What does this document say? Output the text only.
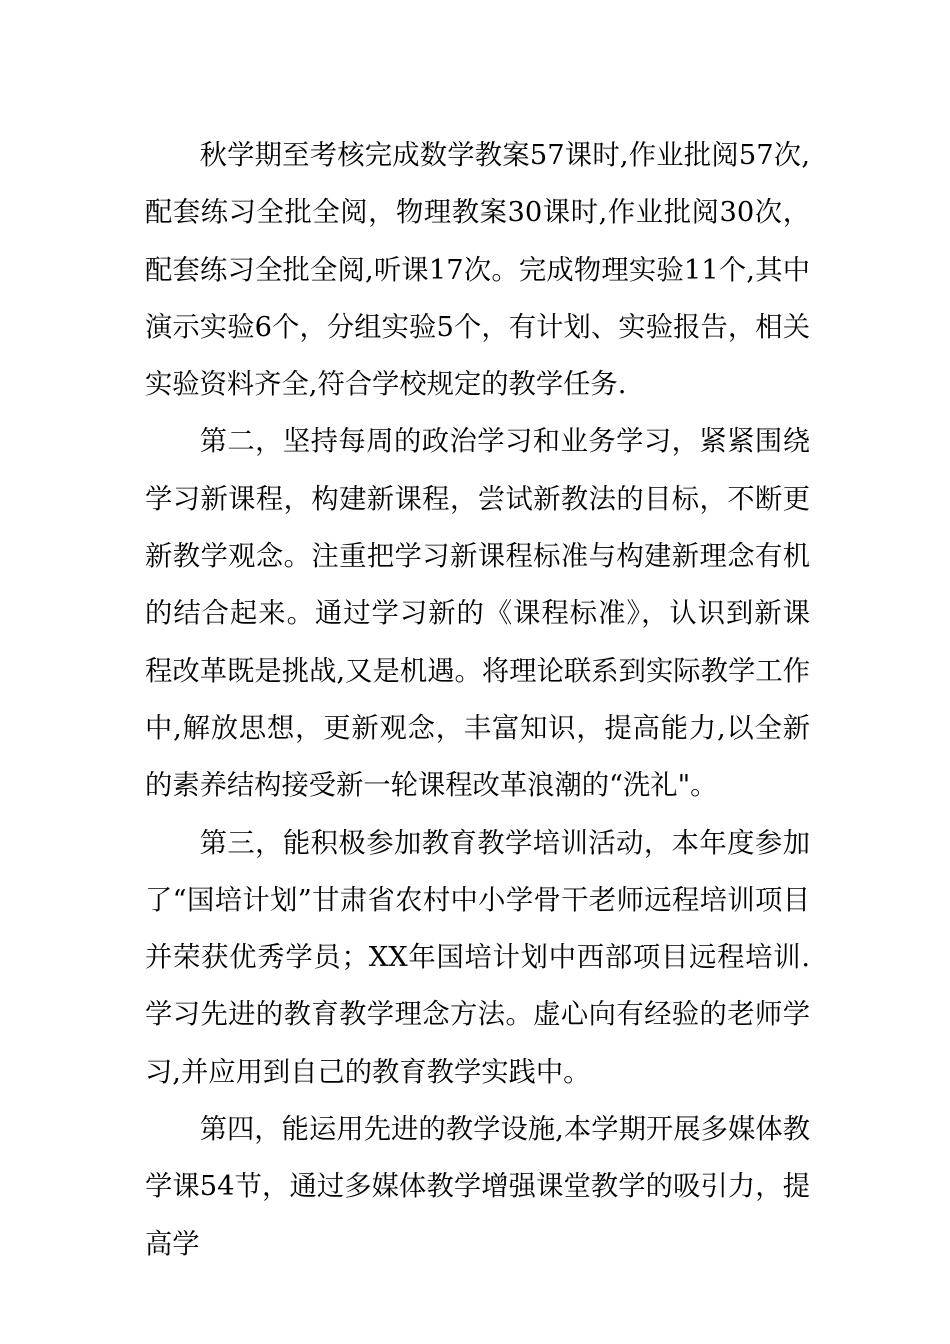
秋学期至考核完成数学教案57课时,作业批阅57次,配套练习全批全阅，物理教案30课时,作业批阅30次，配套练习全批全阅,听课17次。完成物理实验11个,其中演示实验6个，分组实验5个，有计划、实验报告，相关实验资料齐全,符合学校规定的教学任务.

第二，坚持每周的政治学习和业务学习，紧紧围绕学习新课程，构建新课程，尝试新教法的目标，不断更新教学观念。注重把学习新课程标准与构建新理念有机的结合起来。通过学习新的《课程标准》，认识到新课程改革既是挑战,又是机遇。将理论联系到实际教学工作中,解放思想，更新观念，丰富知识，提高能力,以全新的素养结构接受新一轮课程改革浪潮的“洗礼"。

第三，能积极参加教育教学培训活动，本年度参加了“国培计划”甘肃省农村中小学骨干老师远程培训项目并荣获优秀学员；XX年国培计划中西部项目远程培训.学习先进的教育教学理念方法。虚心向有经验的老师学习,并应用到自己的教育教学实践中。

第四，能运用先进的教学设施,本学期开展多媒体教学课54节，通过多媒体教学增强课堂教学的吸引力，提高学
